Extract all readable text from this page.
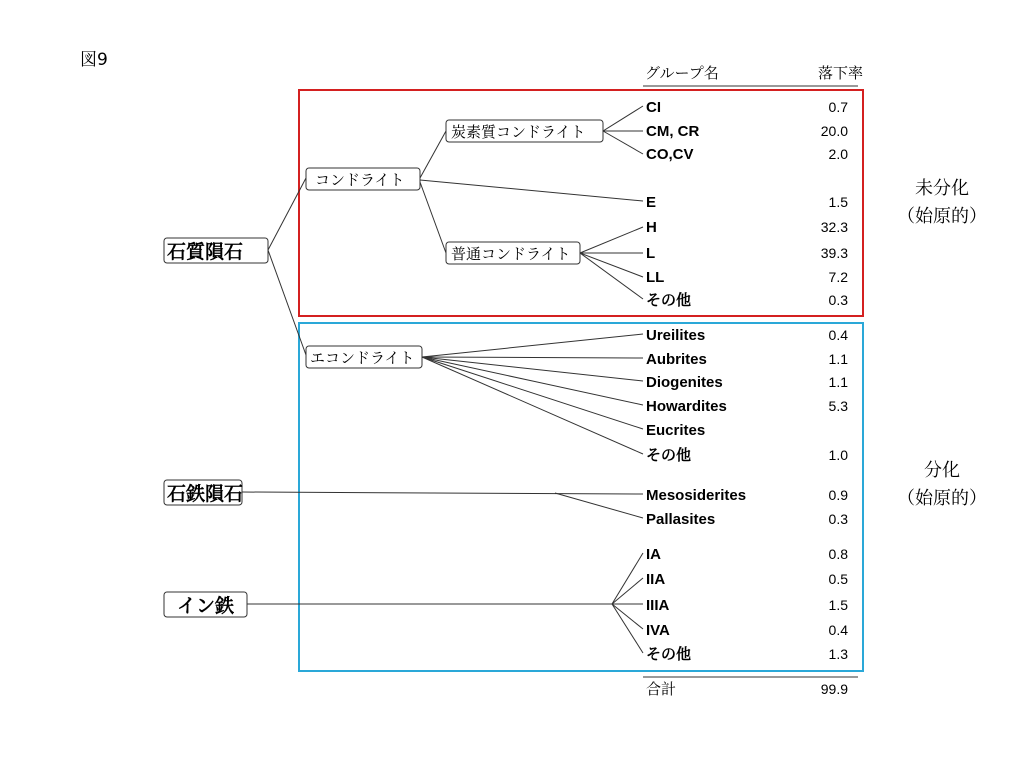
図9
グループ名	落下率
石質隕石
石鉄隕石
イン鉄
コンドライト
炭素質コンドライト
普通コンドライト
エコンドライト
CI	0.7
CM, CR	20.0
CO,CV	2.0
E	1.5
H	32.3
L	39.3
LL	7.2
その他	0.3
Ureilites	0.4
Aubrites	1.1
Diogenites	1.1
Howardites	5.3
Eucrites
その他	1.0
Mesosiderites	0.9
Pallasites	0.3
IA	0.8
IIA	0.5
IIIA	1.5
IVA	0.4
その他	1.3
合計	99.9
未分化
（始原的）
分化
（始原的）
